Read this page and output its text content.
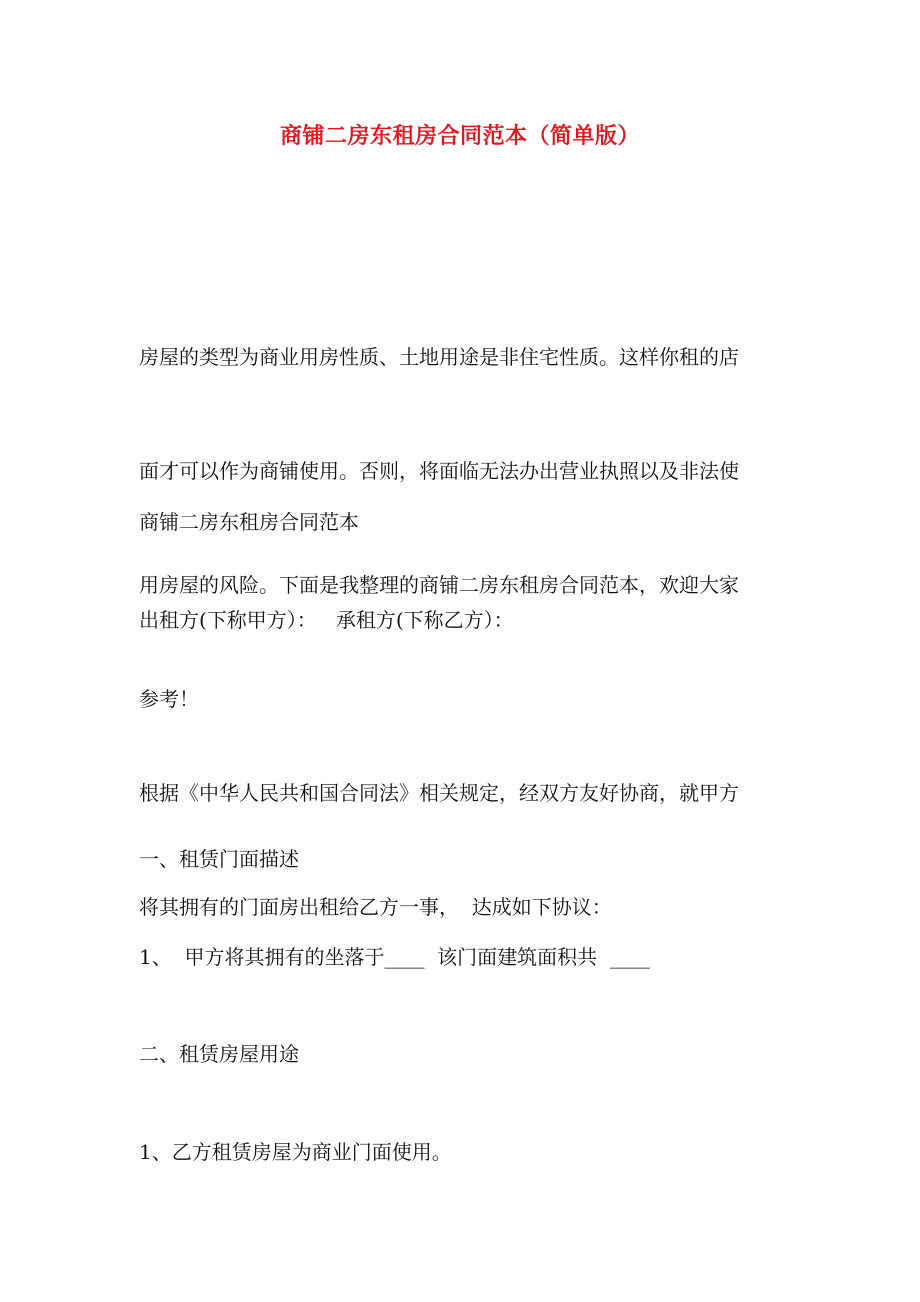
商铺二房东租房合同范本（简单版）

房屋的类型为商业用房性质、土地用途是非住宅性质。这样你租的店

面才可以作为商铺使用。否则，将面临无法办出营业执照以及非法使

用房屋的风险。下面是我整理的商铺二房东租房合同范本，欢迎大家

参考！

商铺二房东租房合同范本

出租方(下称甲方）：   承租方(下称乙方）：

根据《中华人民共和国合同法》相关规定，经双方友好协商，就甲方

将其拥有的门面房出租给乙方一事，  达成如下协议：

一、租赁门面描述

1、  甲方将其拥有的坐落于____  该门面建筑面积共  ____

二、租赁房屋用途

1、乙方租赁房屋为商业门面使用。
